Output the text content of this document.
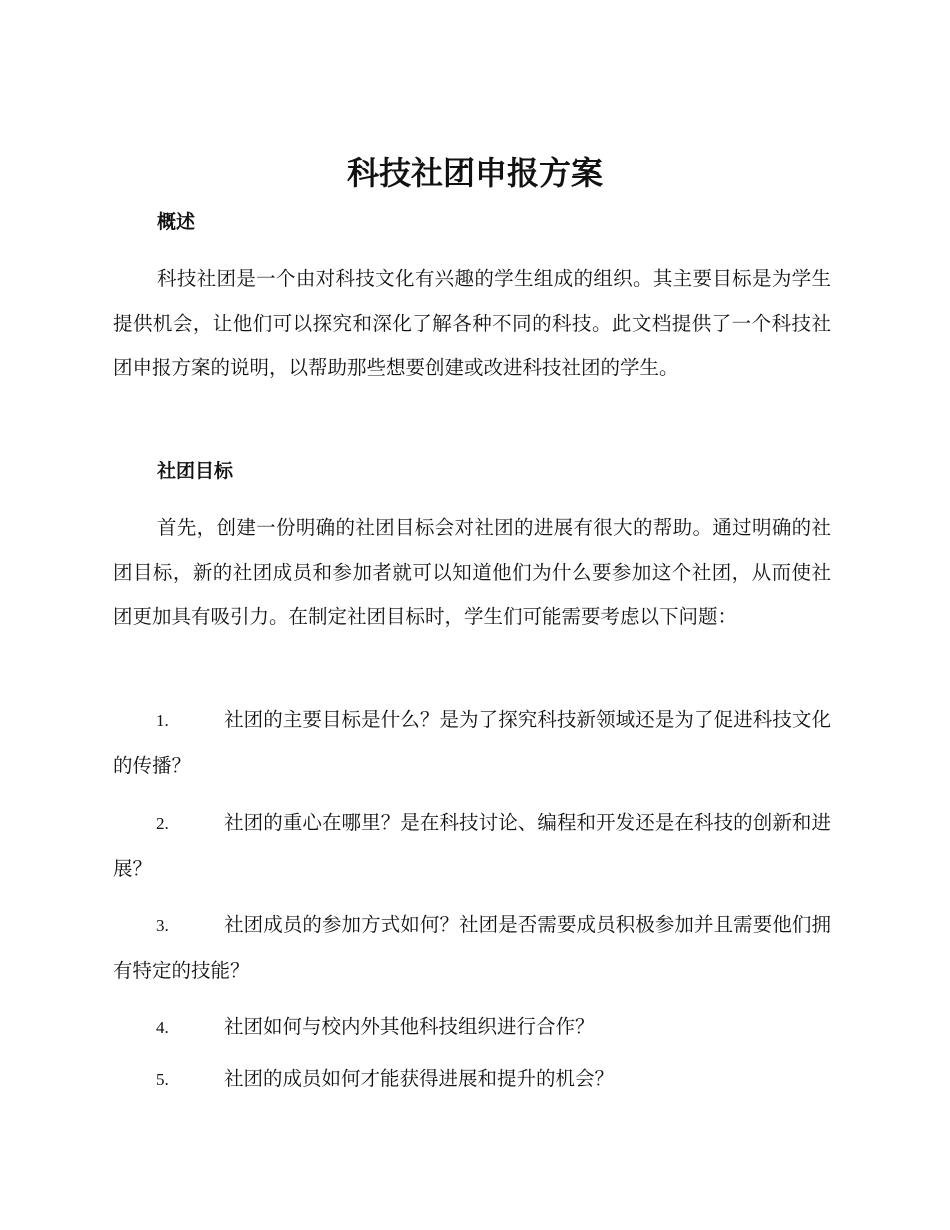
科技社团申报方案
概述

科技社团是一个由对科技文化有兴趣的学生组成的组织。其主要目标是为学生提供机会，让他们可以探究和深化了解各种不同的科技。此文档提供了一个科技社团申报方案的说明，以帮助那些想要创建或改进科技社团的学生。

社团目标

首先，创建一份明确的社团目标会对社团的进展有很大的帮助。通过明确的社团目标，新的社团成员和参加者就可以知道他们为什么要参加这个社团，从而使社团更加具有吸引力。在制定社团目标时，学生们可能需要考虑以下问题：

1.	社团的主要目标是什么？是为了探究科技新领域还是为了促进科技文化的传播？

2.	社团的重心在哪里？是在科技讨论、编程和开发还是在科技的创新和进展？

3.	社团成员的参加方式如何？社团是否需要成员积极参加并且需要他们拥有特定的技能？

4.	社团如何与校内外其他科技组织进行合作？

5.	社团的成员如何才能获得进展和提升的机会？
